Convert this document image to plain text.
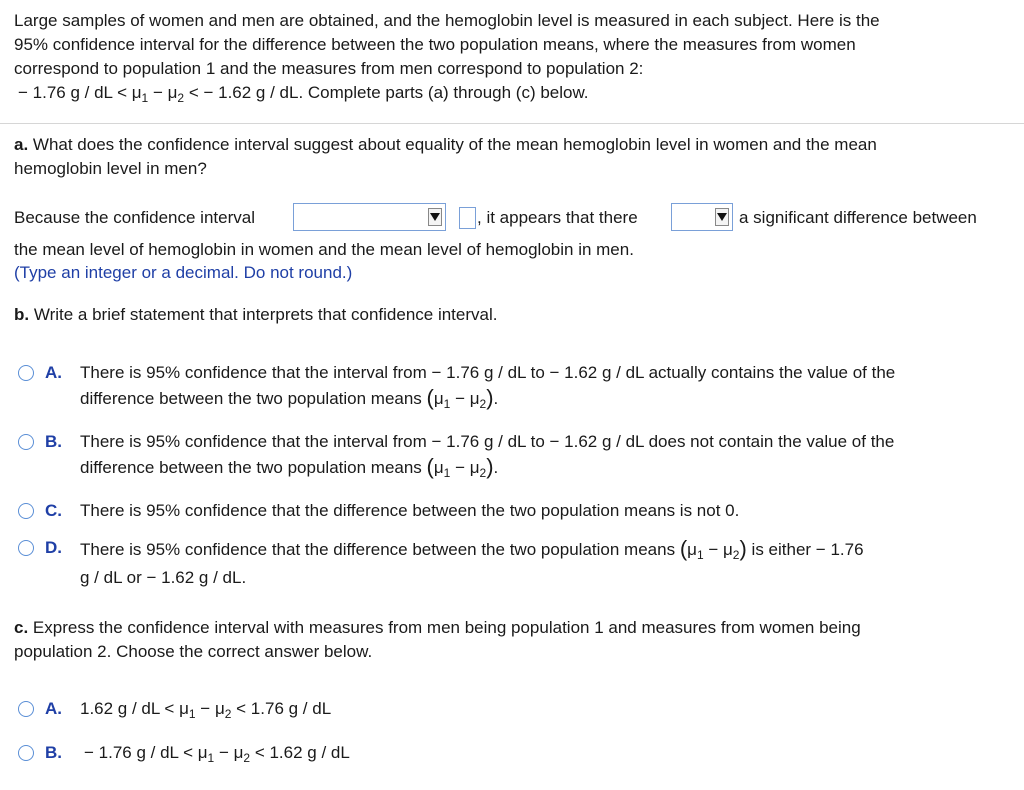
Large samples of women and men are obtained, and the hemoglobin level is measured in each subject. Here is the
95% confidence interval for the difference between the two population means, where the measures from women
correspond to population 1 and the measures from men correspond to population 2:
− 1.76 g / dL < $\mu_1 - \mu_2$ < − 1.62 g / dL. Complete parts (a) through (c) below.
a. What does the confidence interval suggest about equality of the mean hemoglobin level in women and the mean
hemoglobin level in men?
Because the confidence interval	, it appears that there	a significant difference between
the mean level of hemoglobin in women and the mean level of hemoglobin in men.
(Type an integer or a decimal. Do not round.)
b. Write a brief statement that interprets that confidence interval.
A. There is 95% confidence that the interval from − 1.76 g / dL to − 1.62 g / dL actually contains the value of the
difference between the two population means $(\mu_1 - \mu_2)$.
B. There is 95% confidence that the interval from − 1.76 g / dL to − 1.62 g / dL does not contain the value of the
difference between the two population means $(\mu_1 - \mu_2)$.
C. There is 95% confidence that the difference between the two population means is not 0.
D. There is 95% confidence that the difference between the two population means $(\mu_1 - \mu_2)$ is either − 1.76
g / dL or − 1.62 g / dL.
c. Express the confidence interval with measures from men being population 1 and measures from women being
population 2. Choose the correct answer below.
A. 1.62 g / dL < $\mu_1 - \mu_2 < 1.76$ g / dL
B. − 1.76 g / dL < $\mu_1 - \mu_2 < 1.62$ g / dL
